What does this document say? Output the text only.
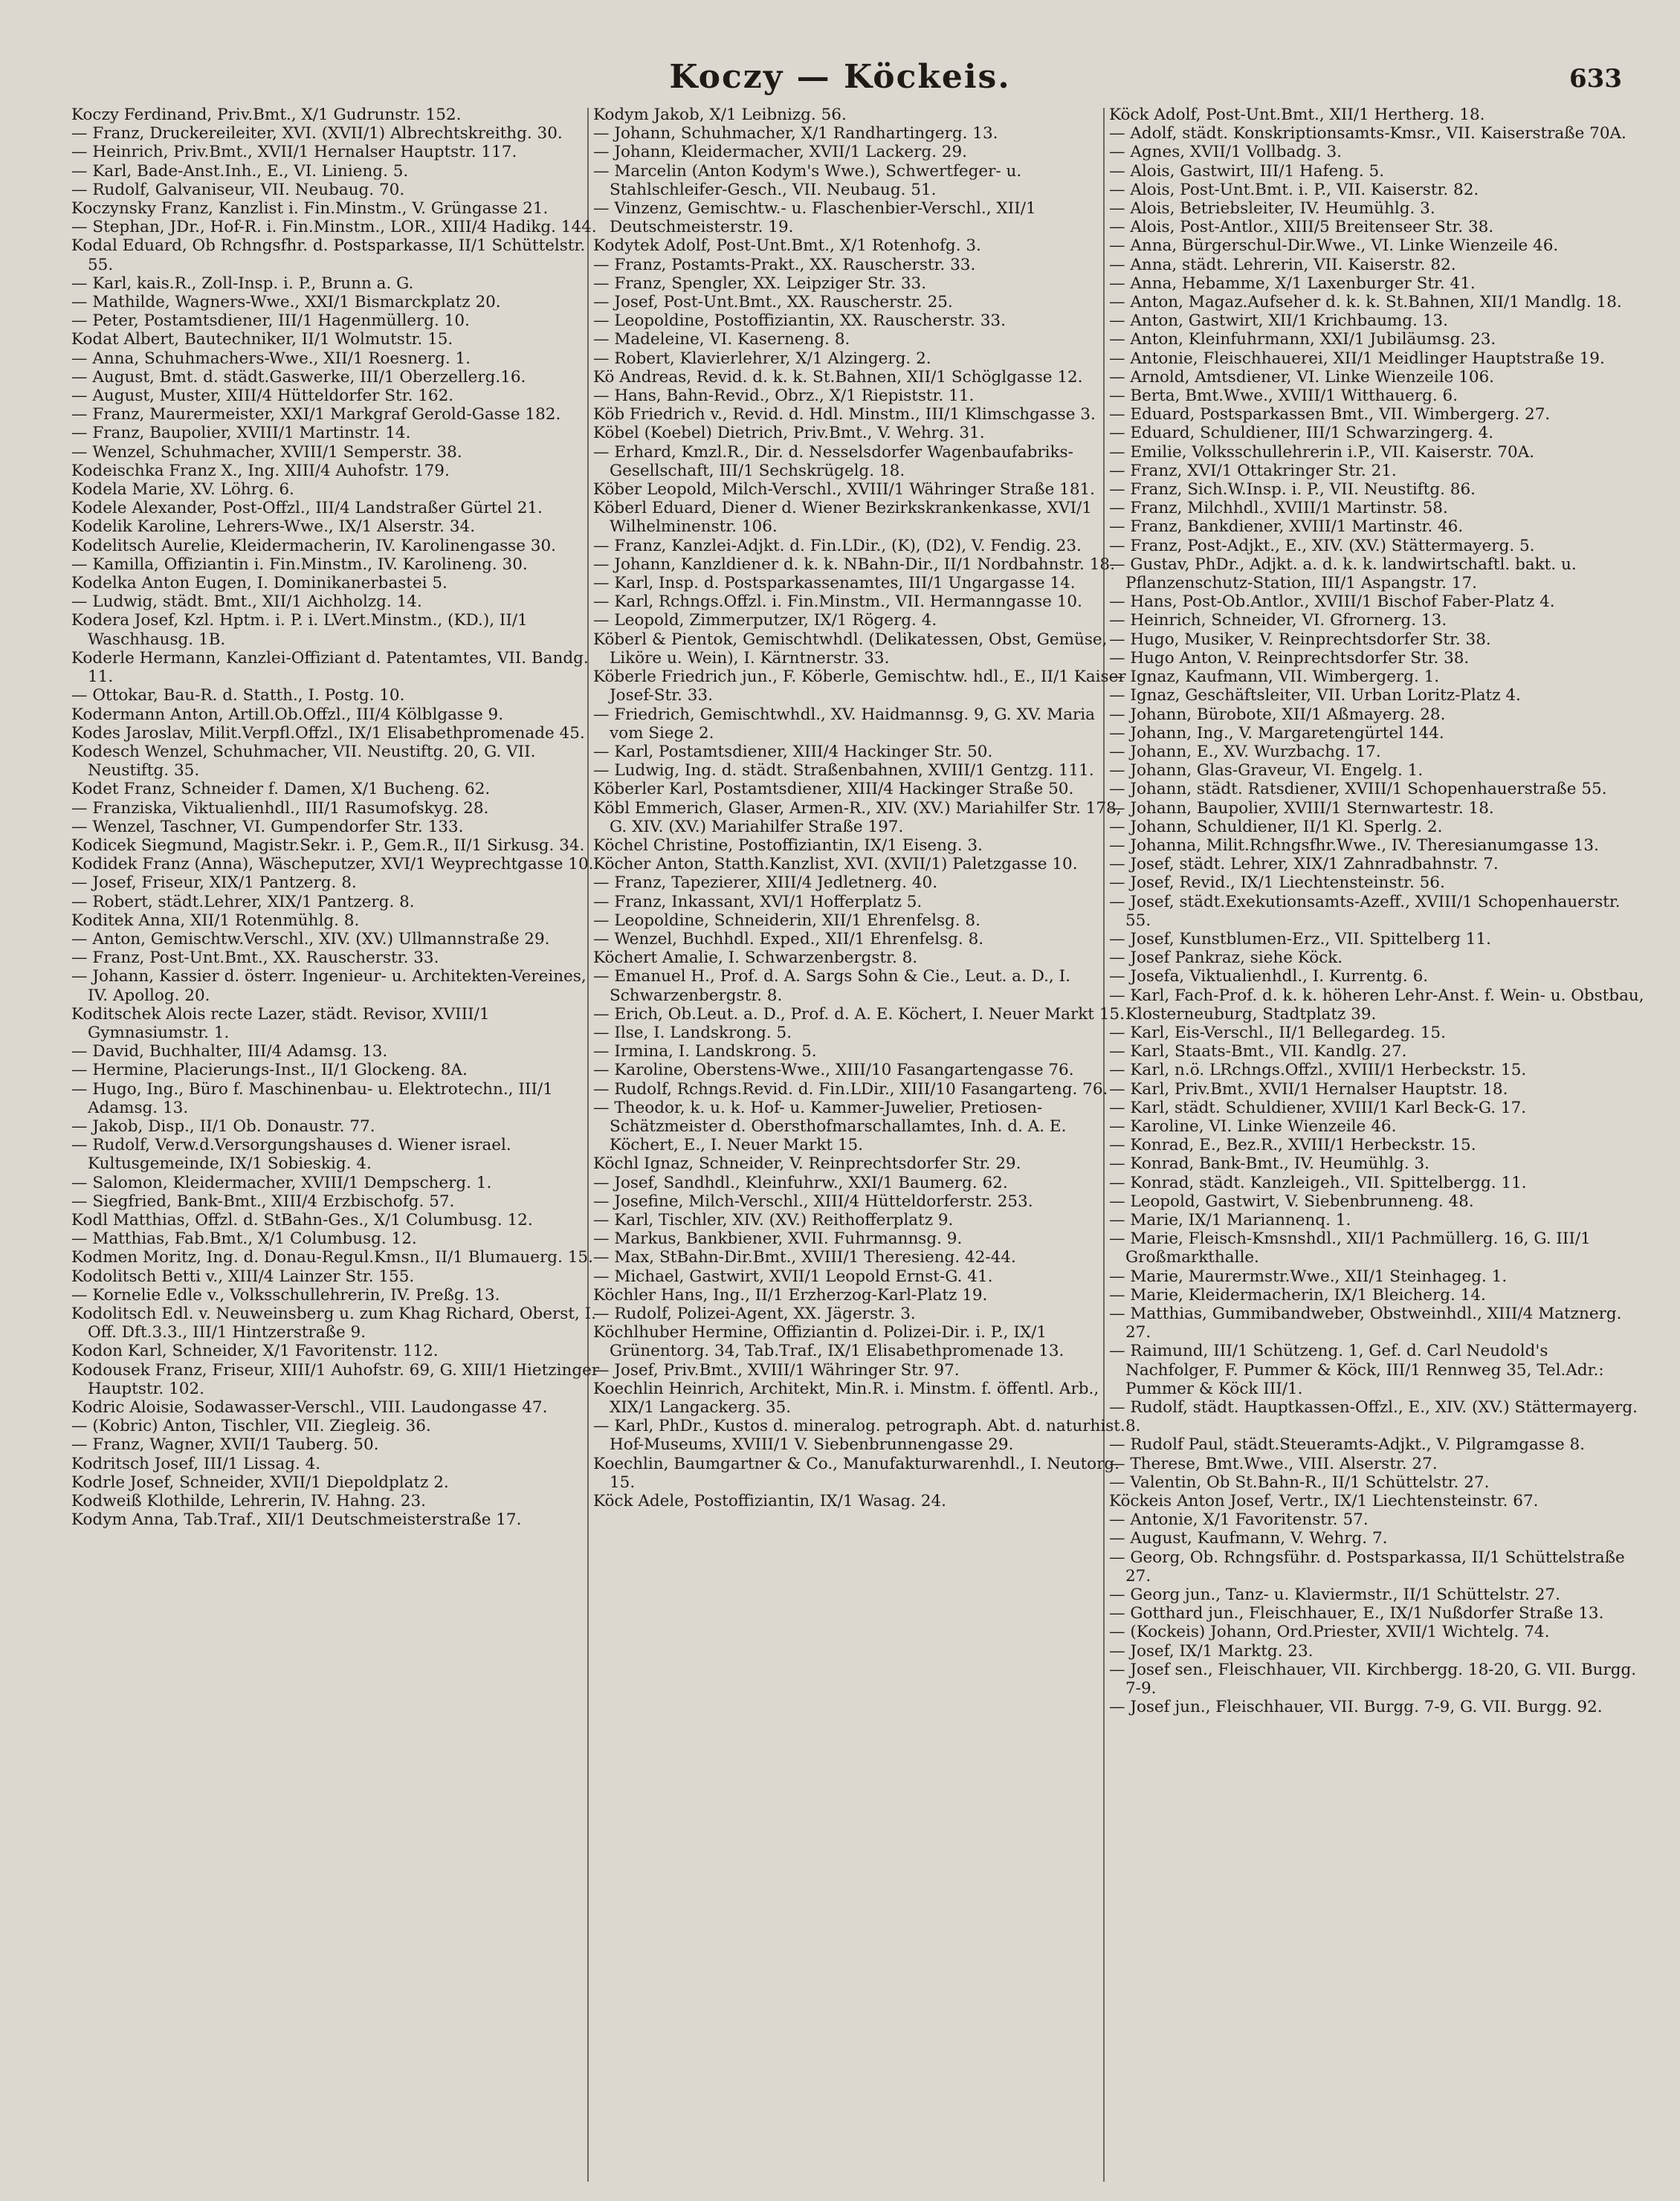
Koczy — Köckeis.	633
Koczy Ferdinand, Priv.Bmt., X/1 Gudrunstr. 152.
— Franz, Druckereileiter, XVI. (XVII/1) Albrechtskreithg. 30.
— Heinrich, Priv.Bmt., XVII/1 Hernalser Hauptstr. 117.
— Karl, Bade-Anst.Inh., E., VI. Linieng. 5.
— Rudolf, Galvaniseur, VII. Neubaug. 70.
Koczynsky Franz, Kanzlist i. Fin.Minstm., V. Grüngasse 21.
— Stephan, JDr., Hof-R. i. Fin.Minstm., LOR., XIII/4 Hadikg. 144.
Kodal Eduard, Ob Rchngsfhr. d. Postsparkasse, II/1 Schüttelstr. 55.
— Karl, kais.R., Zoll-Insp. i. P., Brunn a. G.
— Mathilde, Wagners-Wwe., XXI/1 Bismarckplatz 20.
— Peter, Postamtsdiener, III/1 Hagenmüllerg. 10.
Kodat Albert, Bautechniker, II/1 Wolmutstr. 15.
— Anna, Schuhmachers-Wwe., XII/1 Roesnerg. 1.
— August, Bmt. d. städt.Gaswerke, III/1 Oberzellerg.16.
— August, Muster, XIII/4 Hütteldorfer Str. 162.
— Franz, Maurermeister, XXI/1 Markgraf Gerold-Gasse 182.
— Franz, Baupolier, XVIII/1 Martinstr. 14.
— Wenzel, Schuhmacher, XVIII/1 Semperstr. 38.
Kodeischka Franz X., Ing. XIII/4 Auhofstr. 179.
Kodela Marie, XV. Löhrg. 6.
Kodele Alexander, Post-Offzl., III/4 Landstraßer Gürtel 21.
Kodelik Karoline, Lehrers-Wwe., IX/1 Alserstr. 34.
Kodelitsch Aurelie, Kleidermacherin, IV. Karolinengasse 30.
— Kamilla, Offizіantin i. Fin.Minstm., IV. Karolineng. 30.
Kodelka Anton Eugen, I. Dominikanerbastei 5.
— Ludwig, städt. Bmt., XII/1 Aichholzg. 14.
Kodera Josef, Kzl. Hptm. i. P. i. LVert.Minstm., (KD.), II/1 Waschhausg. 1B.
Koderle Hermann, Kanzlei-Offizіant d. Patentamtes, VII. Bandg. 11.
— Ottokar, Bau-R. d. Statth., I. Postg. 10.
Kodermann Anton, Artill.Ob.Offzl., III/4 Kölblgasse 9.
Kodes Jaroslav, Milit.Verpfl.Offzl., IX/1 Elisabethpromenade 45.
Kodesch Wenzel, Schuhmacher, VII. Neustiftg. 20, G. VII. Neustiftg. 35.
Kodet Franz, Schneider f. Damen, X/1 Bucheng. 62.
— Franziska, Viktualienhdl., III/1 Rasumofskyg. 28.
— Wenzel, Taschner, VI. Gumpendorfer Str. 133.
Kodicek Siegmund, Magistr.Sekr. i. P., Gem.R., II/1 Sirkusg. 34.
Kodidek Franz (Anna), Wäscheputzer, XVI/1 Weyprechtgasse 10.
— Josef, Friseur, XIX/1 Pantzerg. 8.
— Robert, städt.Lehrer, XIX/1 Pantzerg. 8.
Koditek Anna, XII/1 Rotenmühlg. 8.
— Anton, Gemischtw.Verschl., XIV. (XV.) Ullmannstraße 29.
— Franz, Post-Unt.Bmt., XX. Rauscherstr. 33.
— Johann, Kassier d. österr. Ingenieur- u. Architekten-Vereines, IV. Apollog. 20.
Koditschek Alois recte Lazer, städt. Revisor, XVIII/1 Gymnasiumstr. 1.
— David, Buchhalter, III/4 Adamsg. 13.
— Hermine, Placierungs-Inst., II/1 Glockeng. 8A.
— Hugo, Ing., Büro f. Maschinenbau- u. Elektrotechn., III/1 Adamsg. 13.
— Jakob, Disp., II/1 Ob. Donaustr. 77.
— Rudolf, Verw.d.Versorgungshauses d. Wiener israel. Kultusgemeinde, IX/1 Sobieskig. 4.
— Salomon, Kleidermacher, XVIII/1 Dempscherg. 1.
— Siegfried, Bank-Bmt., XIII/4 Erzbischofg. 57.
Kodl Matthias, Offzl. d. StBahn-Ges., X/1 Columbusg. 12.
— Matthias, Fab.Bmt., X/1 Columbusg. 12.
Kodmen Moritz, Ing. d. Donau-Regul.Kmsn., II/1 Blumauerg. 15.
Kodolitsch Betti v., XIII/4 Lainzer Str. 155.
— Kornelie Edle v., Volksschullehrerin, IV. Preßg. 13.
Kodolitsch Edl. v. Neuweinsberg u. zum Khag Richard, Oberst, I. Off. Dft.3.3., III/1 Hintzerstraße 9.
Kodon Karl, Schneider, X/1 Favoritenstr. 112.
Kodousek Franz, Friseur, XIII/1 Auhofstr. 69, G. XIII/1 Hietzinger Hauptstr. 102.
Kodric Aloisie, Sodawasser-Verschl., VIII. Laudongasse 47.
— (Kobric) Anton, Tischler, VII. Ziegleig. 36.
— Franz, Wagner, XVII/1 Tauberg. 50.
Kodritsch Josef, III/1 Lissag. 4.
Kodrle Josef, Schneider, XVII/1 Diepoldplatz 2.
Kodweiß Klothilde, Lehrerin, IV. Hahng. 23.
Kodym Anna, Tab.Traf., XII/1 Deutschmeisterstraße 17.
Kodym Jakob, X/1 Leibnizg. 56.
— Johann, Schuhmacher, X/1 Randhartingerg. 13.
— Johann, Kleidermacher, XVII/1 Lackerg. 29.
— Marcelin (Anton Kodym's Wwe.), Schwertfeger- u. Stahlschleifer-Gesch., VII. Neubaug. 51.
— Vinzenz, Gemischtw.- u. Flaschenbier-Verschl., XII/1 Deutschmeisterstr. 19.
Kodytek Adolf, Post-Unt.Bmt., X/1 Rotenhofg. 3.
— Franz, Postamts-Prakt., XX. Rauscherstr. 33.
— Franz, Spengler, XX. Leipziger Str. 33.
— Josef, Post-Unt.Bmt., XX. Rauscherstr. 25.
— Leopoldine, Postoffizіantin, XX. Rauscherstr. 33.
— Madeleine, VI. Kaserneng. 8.
— Robert, Klavierlehrer, X/1 Alzingerg. 2.
Kö Andreas, Revid. d. k. k. St.Bahnen, XII/1 Schöglgasse 12.
— Hans, Bahn-Revid., Obrz., X/1 Riepiststr. 11.
Köb Friedrich v., Revid. d. Hdl. Minstm., III/1 Klimschgasse 3.
Köbel (Koebel) Dietrich, Priv.Bmt., V. Wehrg. 31.
— Erhard, Kmzl.R., Dir. d. Nesselsdorfer Wagenbaufabriks-Gesellschaft, III/1 Sechskrügelg. 18.
Köber Leopold, Milch-Verschl., XVIII/1 Währinger Straße 181.
Köberl Eduard, Diener d. Wiener Bezirkskrankenkasse, XVI/1 Wilhelminenstr. 106.
— Franz, Kanzlei-Adjkt. d. Fin.LDir., (K), (D2), V. Fendig. 23.
— Johann, Kanzldiener d. k. k. NBahn-Dir., II/1 Nordbahnstr. 18.
— Karl, Insp. d. Postsparkassenamtes, III/1 Ungargasse 14.
— Karl, Rchngs.Offzl. i. Fin.Minstm., VII. Hermanngasse 10.
— Leopold, Zimmerputzer, IX/1 Rögerg. 4.
Köberl & Pientok, Gemischtwhdl. (Delikatessen, Obst, Gemüse, Liköre u. Wein), I. Kärntnerstr. 33.
Köberle Friedrich jun., F. Köberle, Gemischtw. hdl., E., II/1 Kaiser Josef-Str. 33.
— Friedrich, Gemischtwhdl., XV. Haidmannsg. 9, G. XV. Maria vom Siege 2.
— Karl, Postamtsdiener, XIII/4 Hackinger Str. 50.
— Ludwig, Ing. d. städt. Straßenbahnen, XVIII/1 Gentzg. 111.
Köberler Karl, Postamtsdiener, XIII/4 Hackinger Straße 50.
Köbl Emmerich, Glaser, Armen-R., XIV. (XV.) Mariahilfer Str. 178, G. XIV. (XV.) Mariahilfer Straße 197.
Köchel Christine, Postoffizіantin, IX/1 Eiseng. 3.
Köcher Anton, Statth.Kanzlist, XVI. (XVII/1) Paletzgasse 10.
— Franz, Tapezierer, XIII/4 Jedletnerg. 40.
— Franz, Inkassant, XVI/1 Hofferplatz 5.
— Leopoldine, Schneiderin, XII/1 Ehrenfelsg. 8.
— Wenzel, Buchhdl. Exped., XII/1 Ehrenfelsg. 8.
Köchert Amalie, I. Schwarzenbergstr. 8.
— Emanuel H., Prof. d. A. Sargs Sohn & Cie., Leut. a. D., I. Schwarzenbergstr. 8.
— Erich, Ob.Leut. a. D., Prof. d. A. E. Köchert, I. Neuer Markt 15.
— Ilse, I. Landskrong. 5.
— Irmina, I. Landskrong. 5.
— Karoline, Oberstens-Wwe., XIII/10 Fasangartengasse 76.
— Rudolf, Rchngs.Revid. d. Fin.LDir., XIII/10 Fasangarteng. 76.
— Theodor, k. u. k. Hof- u. Kammer-Juwelier, Pretiosen-Schätzmeister d. Obersthofmarschallamtes, Inh. d. A. E. Köchert, E., I. Neuer Markt 15.
Köchl Ignaz, Schneider, V. Reinprechtsdorfer Str. 29.
— Josef, Sandhdl., Kleinfuhrw., XXI/1 Baumerg. 62.
— Josefine, Milch-Verschl., XIII/4 Hütteldorferstr. 253.
— Karl, Tischler, XIV. (XV.) Reithofferplatz 9.
— Markus, Bankbiener, XVII. Fuhrmannsg. 9.
— Max, StBahn-Dir.Bmt., XVIII/1 Theresieng. 42-44.
— Michael, Gastwirt, XVII/1 Leopold Ernst-G. 41.
Köchler Hans, Ing., II/1 Erzherzog-Karl-Platz 19.
— Rudolf, Polizei-Agent, XX. Jägerstr. 3.
Köchlhuber Hermine, Offizіantin d. Polizei-Dir. i. P., IX/1 Grünentorg. 34, Tab.Traf., IX/1 Elisabethpromenade 13.
— Josef, Priv.Bmt., XVIII/1 Währinger Str. 97.
Koechlin Heinrich, Architekt, Min.R. i. Minstm. f. öffentl. Arb., XIX/1 Langackerg. 35.
— Karl, PhDr., Kustos d. mineralog. petrograph. Abt. d. naturhist. Hof-Museums, XVIII/1 V. Siebenbrunnengasse 29.
Koechlin, Baumgartner & Co., Manufakturwarenhdl., I. Neutorg. 15.
Köck Adele, Postoffizіantin, IX/1 Wasag. 24.
Köck Adolf, Post-Unt.Bmt., XII/1 Hertherg. 18.
— Adolf, städt. Konskriptionsamts-Kmsr., VII. Kaiserstraße 70A.
— Agnes, XVII/1 Vollbadg. 3.
— Alois, Gastwirt, III/1 Hafeng. 5.
— Alois, Post-Unt.Bmt. i. P., VII. Kaiserstr. 82.
— Alois, Betriebsleiter, IV. Heumühlg. 3.
— Alois, Post-Antlor., XIII/5 Breitenseer Str. 38.
— Anna, Bürgerschul-Dir.Wwe., VI. Linke Wienzeile 46.
— Anna, städt. Lehrerin, VII. Kaiserstr. 82.
— Anna, Hebamme, X/1 Laxenburger Str. 41.
— Anton, Magaz.Aufseher d. k. k. St.Bahnen, XII/1 Mandlg. 18.
— Anton, Gastwirt, XII/1 Krichbaumg. 13.
— Anton, Kleinfuhrmann, XXI/1 Jubiläumsg. 23.
— Antonie, Fleischhauerei, XII/1 Meidlinger Hauptstraße 19.
— Arnold, Amtsdiener, VI. Linke Wienzeile 106.
— Berta, Bmt.Wwe., XVIII/1 Witthauerg. 6.
— Eduard, Postsparkassen Bmt., VII. Wimbergerg. 27.
— Eduard, Schuldiener, III/1 Schwarzingerg. 4.
— Emilie, Volksschullehrerin i.P., VII. Kaiserstr. 70A.
— Franz, XVI/1 Ottakringer Str. 21.
— Franz, Sich.W.Insp. i. P., VII. Neustiftg. 86.
— Franz, Milchhdl., XVIII/1 Martinstr. 58.
— Franz, Bankdiener, XVIII/1 Martinstr. 46.
— Franz, Post-Adjkt., E., XIV. (XV.) Stättermayerg. 5.
— Gustav, PhDr., Adjkt. a. d. k. k. landwirtschaftl. bakt. u. Pflanzenschutz-Station, III/1 Aspangstr. 17.
— Hans, Post-Ob.Antlor., XVIII/1 Bischof Faber-Platz 4.
— Heinrich, Schneider, VI. Gfrornerg. 13.
— Hugo, Musiker, V. Reinprechtsdorfer Str. 38.
— Hugo Anton, V. Reinprechtsdorfer Str. 38.
— Ignaz, Kaufmann, VII. Wimbergerg. 1.
— Ignaz, Geschäftsleiter, VII. Urban Loritz-Platz 4.
— Johann, Bürobote, XII/1 Aßmayerg. 28.
— Johann, Ing., V. Margaretengürtel 144.
— Johann, E., XV. Wurzbachg. 17.
— Johann, Glas-Graveur, VI. Engelg. 1.
— Johann, städt. Ratsdiener, XVIII/1 Schopenhauerstraße 55.
— Johann, Baupolier, XVIII/1 Sternwartestr. 18.
— Johann, Schuldiener, II/1 Kl. Sperlg. 2.
— Johanna, Milit.Rchngsfhr.Wwe., IV. Theresianumgasse 13.
— Josef, städt. Lehrer, XIX/1 Zahnradbahnstr. 7.
— Josef, Revid., IX/1 Liechtensteinstr. 56.
— Josef, städt.Exekutionsamts-Azeff., XVIII/1 Schopenhauerstr. 55.
— Josef, Kunstblumen-Erz., VII. Spittelberg 11.
— Josef Pankraz, siehe Köck.
— Josefa, Viktualienhdl., I. Kurrentg. 6.
— Karl, Fach-Prof. d. k. k. höheren Lehr-Anst. f. Wein- u. Obstbau, Klosterneuburg, Stadtplatz 39.
— Karl, Eis-Verschl., II/1 Bellegardeg. 15.
— Karl, Staats-Bmt., VII. Kandlg. 27.
— Karl, n.ö. LRchngs.Offzl., XVIII/1 Herbeckstr. 15.
— Karl, Priv.Bmt., XVII/1 Hernalser Hauptstr. 18.
— Karl, städt. Schuldiener, XVIII/1 Karl Beck-G. 17.
— Karoline, VI. Linke Wienzeile 46.
— Konrad, E., Bez.R., XVIII/1 Herbeckstr. 15.
— Konrad, Bank-Bmt., IV. Heumühlg. 3.
— Konrad, städt. Kanzleigeh., VII. Spittelbergg. 11.
— Leopold, Gastwirt, V. Siebenbrunneng. 48.
— Marie, IX/1 Mariannenq. 1.
— Marie, Fleisch-Kmsnshdl., XII/1 Pachmüllerg. 16, G. III/1 Großmarkthalle.
— Marie, Maurermstr.Wwe., XII/1 Steinhageg. 1.
— Marie, Kleidermacherin, IX/1 Bleicherg. 14.
— Matthias, Gummibandweber, Obstweinhdl., XIII/4 Matznerg. 27.
— Raimund, III/1 Schützeng. 1, Gef. d. Carl Neudold's Nachfolger, F. Pummer & Köck, III/1 Rennweg 35, Tel.Adr.: Pummer & Köck III/1.
— Rudolf, städt. Hauptkassen-Offzl., E., XIV. (XV.) Stättermayerg. 8.
— Rudolf Paul, städt.Steueramts-Adjkt., V. Pilgramgasse 8.
— Therese, Bmt.Wwe., VIII. Alserstr. 27.
— Valentin, Ob St.Bahn-R., II/1 Schüttelstr. 27.
Köckeis Anton Josef, Vertr., IX/1 Liechtensteinstr. 67.
— Antonie, X/1 Favoritenstr. 57.
— August, Kaufmann, V. Wehrg. 7.
— Georg, Ob. Rchngsführ. d. Postsparkassa, II/1 Schüttelstraße 27.
— Georg jun., Tanz- u. Klaviermstr., II/1 Schüttelstr. 27.
— Gotthard jun., Fleischhauer, E., IX/1 Nußdorfer Straße 13.
— (Kockeis) Johann, Ord.Priester, XVII/1 Wichtelg. 74.
— Josef, IX/1 Marktg. 23.
— Josef sen., Fleischhauer, VII. Kirchbergg. 18-20, G. VII. Burgg. 7-9.
— Josef jun., Fleischhauer, VII. Burgg. 7-9, G. VII. Burgg. 92.
